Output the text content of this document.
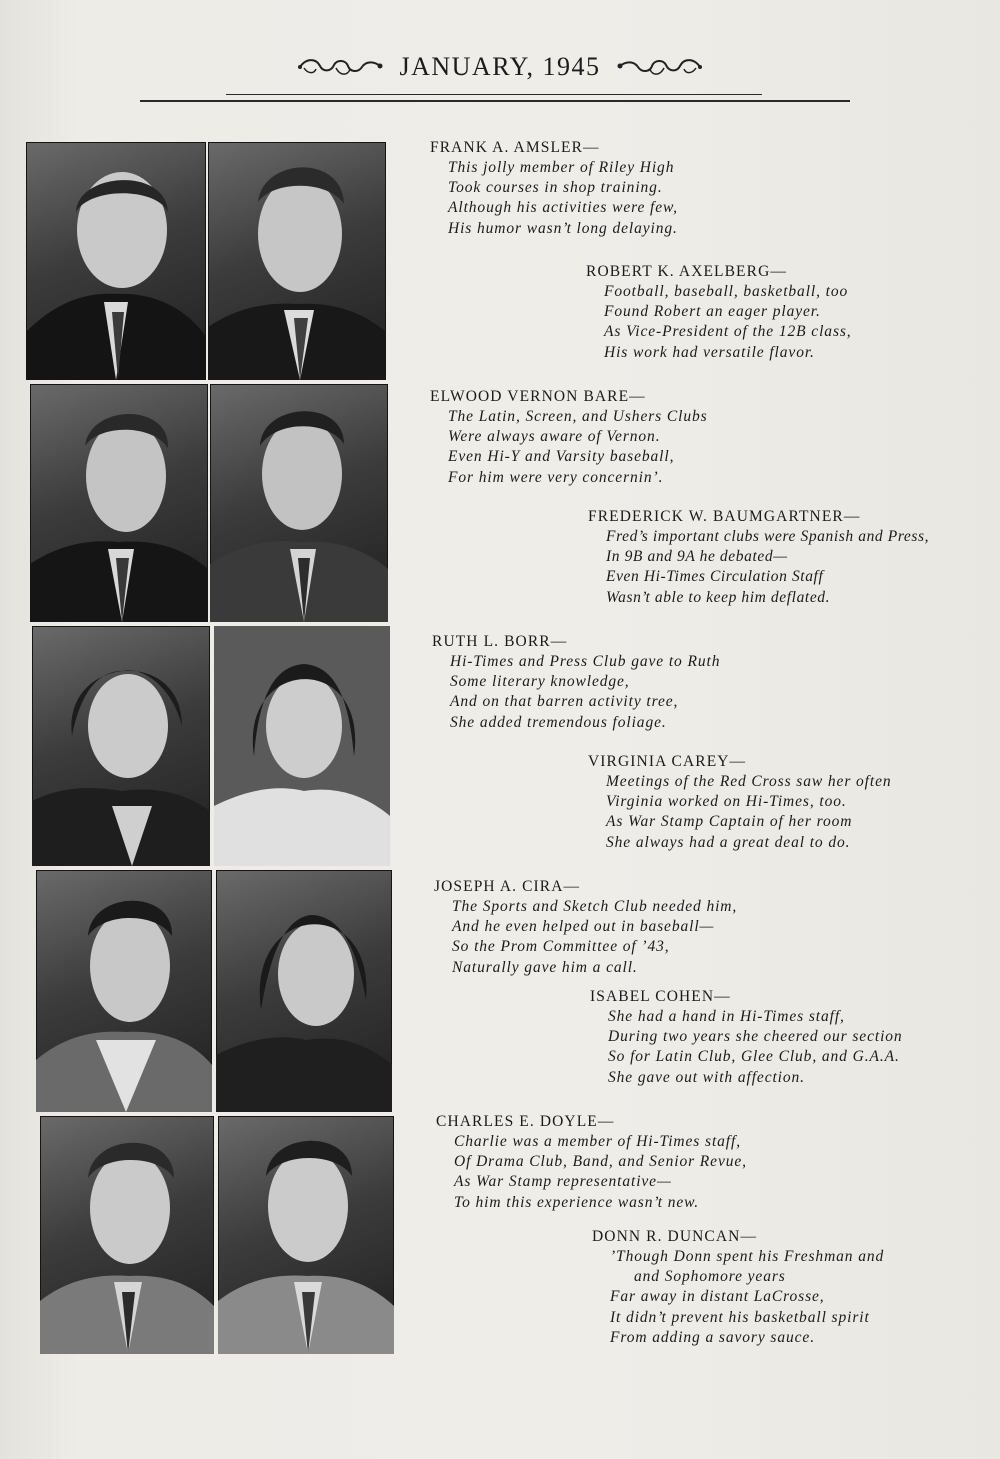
JANUARY, 1945
FRANK A. AMSLER—
This jolly member of Riley High
Took courses in shop training.
Although his activities were few,
His humor wasn’t long delaying.
ROBERT K. AXELBERG—
Football, baseball, basketball, too
Found Robert an eager player.
As Vice-President of the 12B class,
His work had versatile flavor.
ELWOOD VERNON BARE—
The Latin, Screen, and Ushers Clubs
Were always aware of Vernon.
Even Hi-Y and Varsity baseball,
For him were very concernin’.
FREDERICK W. BAUMGARTNER—
Fred’s important clubs were Spanish and Press,
In 9B and 9A he debated—
Even Hi-Times Circulation Staff
Wasn’t able to keep him deflated.
RUTH L. BORR—
Hi-Times and Press Club gave to Ruth
Some literary knowledge,
And on that barren activity tree,
She added tremendous foliage.
VIRGINIA CAREY—
Meetings of the Red Cross saw her often
Virginia worked on Hi-Times, too.
As War Stamp Captain of her room
She always had a great deal to do.
JOSEPH A. CIRA—
The Sports and Sketch Club needed him,
And he even helped out in baseball—
So the Prom Committee of ’43,
Naturally gave him a call.
ISABEL COHEN—
She had a hand in Hi-Times staff,
During two years she cheered our section
So for Latin Club, Glee Club, and G.A.A.
She gave out with affection.
CHARLES E. DOYLE—
Charlie was a member of Hi-Times staff,
Of Drama Club, Band, and Senior Revue,
As War Stamp representative—
To him this experience wasn’t new.
DONN R. DUNCAN—
’Though Donn spent his Freshman and
and Sophomore years
Far away in distant LaCrosse,
It didn’t prevent his basketball spirit
From adding a savory sauce.
